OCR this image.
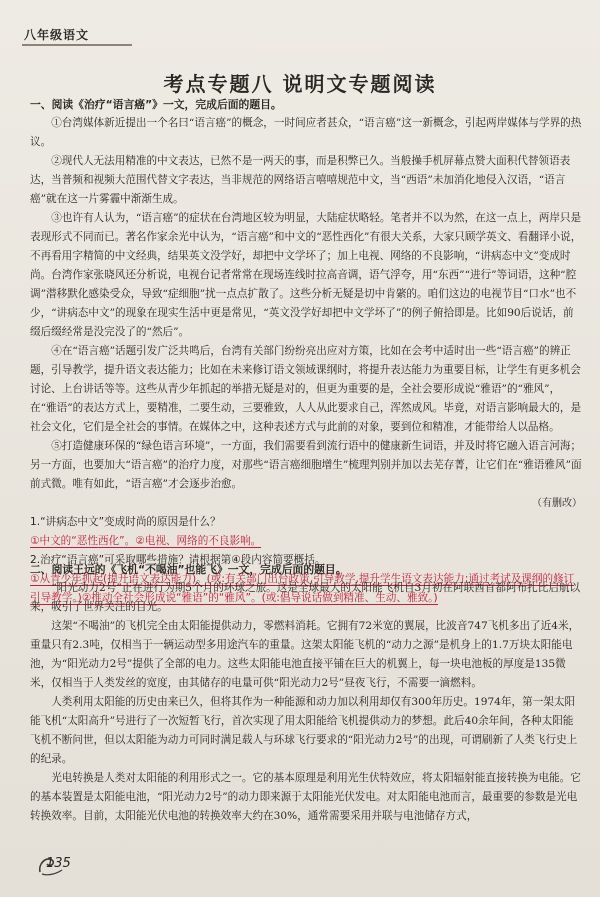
八年级语文
考点专题八 说明文专题阅读

一、阅读《治疗“语言癌”》一文，完成后面的题目。

①台湾媒体新近提出一个名曰“语言癌”的概念，一时间应者甚众，“语言癌”这一新概念，引起两岸媒体与学界的热议。

②现代人无法用精准的中文表达，已然不是一两天的事，而是积弊已久。当般操手机屏幕点赞大面积代替领语表达，当普频和视频大范围代替文字表达，当非规范的网络语言嘻嘻规范中文，当“西语”未加消化地侵入汉语，“语言癌”就在这一片雾霾中渐渐生成。

③也许有人认为，“语言癌”的症状在台湾地区较为明显，大陆症状略轻。笔者并不以为然，在这一点上，两岸只是表现形式不同而已。著名作家余光中认为，“语言癌”和中文的“恶性西化”有很大关系，大家只顾学英文、看翻译小说，不再看用字精简的中文经典，结果英文没学好，却把中文学坏了；加上电视、网络的不良影响，“讲病态中文”变成时尚。台湾作家张晓风还分析说，电视台记者常常在现场连线时拉高音调，语气浮夸，用“东西”“进行”等词语，这种“腔调”潜移默化感染受众，导致“症细胞”扰一点点扩散了。这些分析无疑是切中肯綮的。咱们这边的电视节目“口水”也不少，“讲病态中文”的现象在现实生活中更是常见，“英文没学好却把中文学坏了”的例子俯拾即是。比如90后说话，前缀后缀经常是没完没了的“然后”。

④在“语言癌”话题引发广泛共鸣后，台湾有关部门纷纷亮出应对方策，比如在会考中适时出一些“语言癌”的辨正题，引导教学，提升语文表达能力；比如在未来修订语文领域课纲时，将提升表达能力为重要目标，让学生有更多机会讨论、上台讲话等等。这些从青少年抓起的举措无疑是对的，但更为重要的是，全社会要形成说“雅语”的“雅风”，在“雅语”的表达方式上，要精准，二要生动，三要雅致，人人从此要求自己，浑然成风。毕竟，对语言影响最大的，是社会文化，它们是全社会的事情。在媒体之中，这种表述方式与此前的对象，要到位和精准，才能带给人以品格。

⑤打造健康环保的“绿色语言环境”，一方面，我们需要看到流行语中的健康新生词语，并及时将它融入语言河海；另一方面，也要加大“语言癌”的治疗力度，对那些“语言癌细胞增生”梳理判别并加以去芜存菁，让它们在“雅语雅风”面前式微。唯有如此，“语言癌”才会逐步治愈。

（有删改）

1.“讲病态中文”变成时尚的原因是什么？

①中文的“恶性西化”。②电视、网络的不良影响。

2.治疗“语言癌”可采取哪些措施？请根据第④段内容简要概括。

①从青少年抓起(提升语文表达能力)。(或:有关部门出台政策,引导教学,提升学生语文表达能力;通过考试及课纲的修订引导教学。)②推动全社会形成说“雅语”的“雅风”。(或:倡导说话做到精准、生动、雅致。)

二、阅读王远的《飞机“不喝油”也能飞》一文，完成后面的题目。

“阳光动力2号”正在进行为期5个月的环球之旅。这是全球最大的太阳能飞机自3月初在阿联酋首都阿布扎比启航以来，吸引了世界关注的目光。

这架“不喝油”的飞机完全由太阳能提供动力，零燃料消耗。它拥有72米宽的翼展，比波音747飞机多出了近4米，重量只有2.3吨，仅相当于一辆运动型多用途汽车的重量。这架太阳能飞机的“动力之源”是机身上的1.7万块太阳能电池，为“阳光动力2号”提供了全部的电力。这些太阳能电池直接平铺在巨大的机翼上，每一块电池板的厚度是135微米，仅相当于人类发丝的宽度，由其储存的电量可供“阳光动力2号”昼夜飞行，不需要一滴燃料。

人类利用太阳能的历史由来已久，但将其作为一种能源和动力加以利用却仅有300年历史。1974年，第一架太阳能飞机“太阳高升”号进行了一次短暂飞行，首次实现了用太阳能给飞机提供动力的梦想。此后40余年间，各种太阳能飞机不断问世，但以太阳能为动力可同时满足载人与环球飞行要求的“阳光动力2号”的出现，可谓刷新了人类飞行史上的纪录。

光电转换是人类对太阳能的利用形式之一。它的基本原理是利用光生伏特效应，将太阳辐射能直接转换为电能。它的基本装置是太阳能电池，“阳光动力2号”的动力即来源于太阳能光伏发电。对太阳能电池而言，最重要的参数是光电转换效率。目前，太阳能光伏电池的转换效率大约在30%，通常需要采用并联与电池储存方式，

135
